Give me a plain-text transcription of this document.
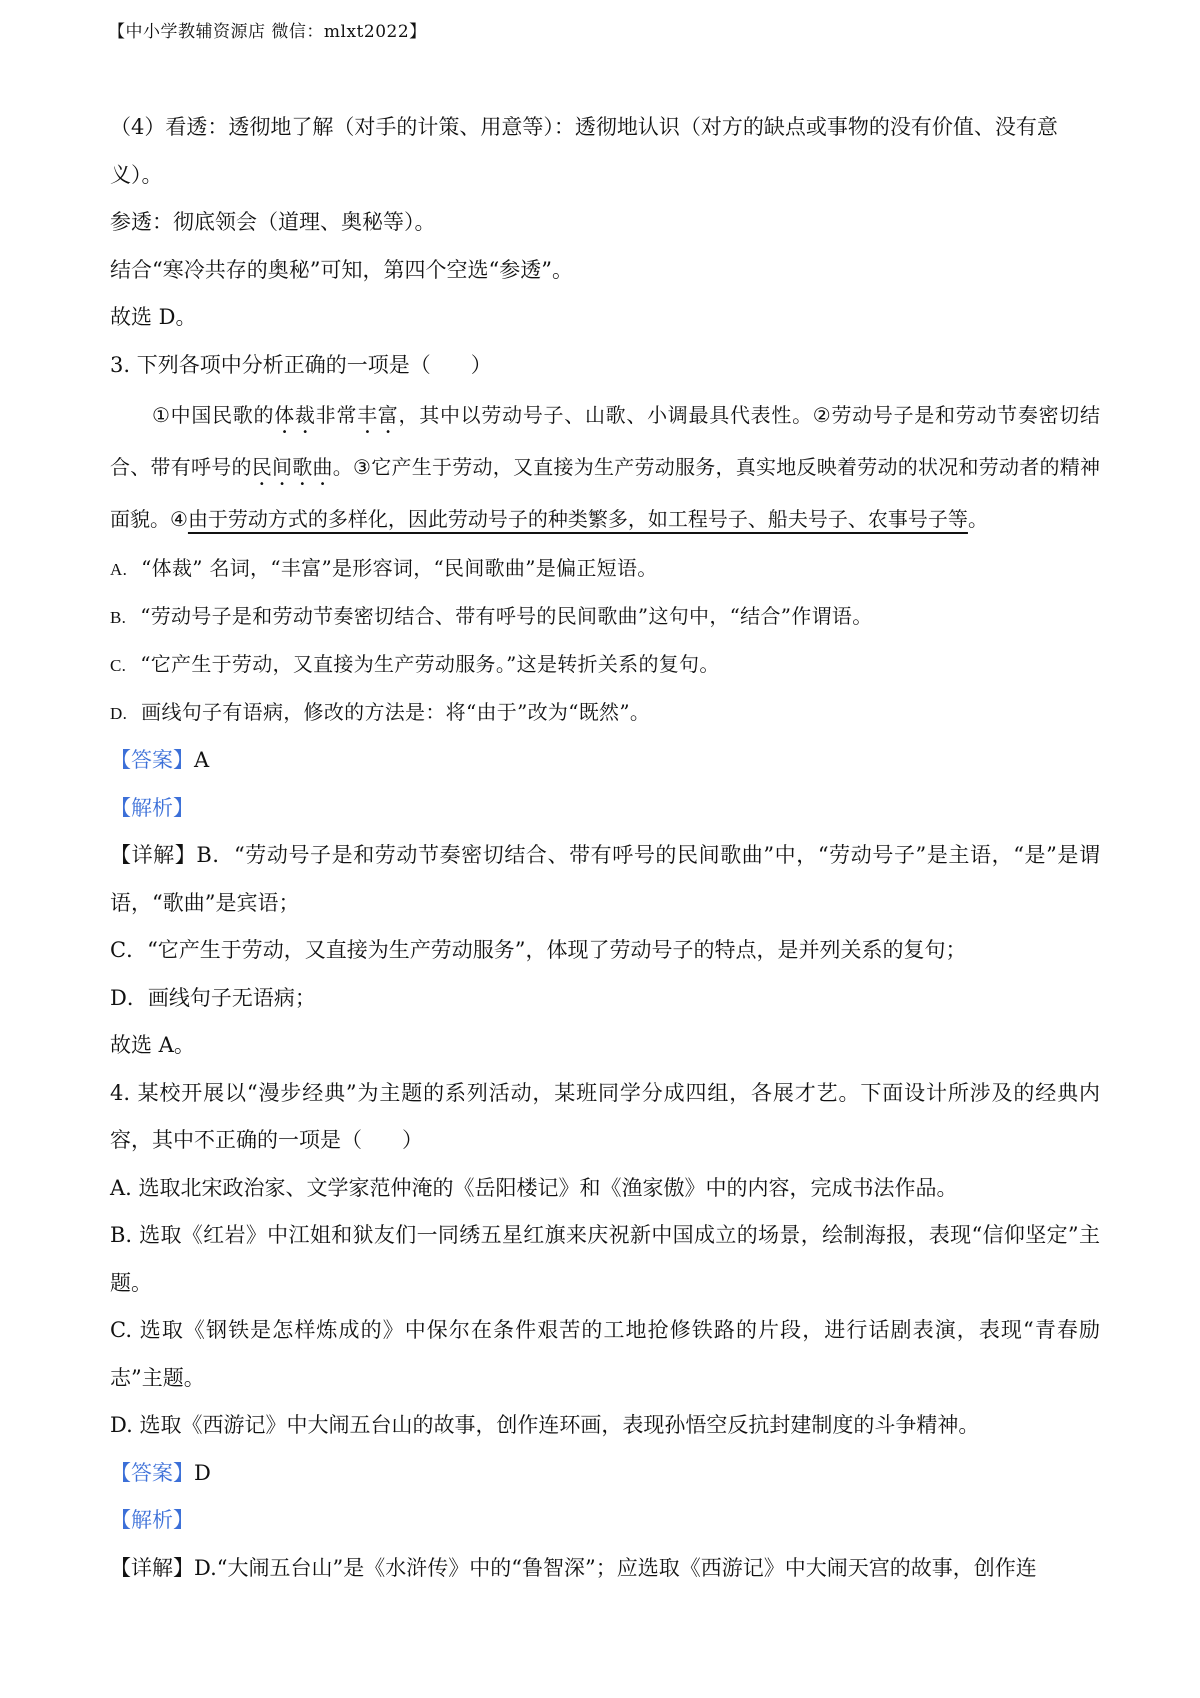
【中小学教辅资源店 微信：mlxt2022】

（4）看透：透彻地了解（对手的计策、用意等）：透彻地认识（对方的缺点或事物的没有价值、没有意义）。

参透：彻底领会（道理、奥秘等）。

结合“寒冷共存的奥秘”可知，第四个空选“参透”。

故选 D。

3. 下列各项中分析正确的一项是（      ）

①中国民歌的体裁非常丰富，其中以劳动号子、山歌、小调最具代表性。②劳动号子是和劳动节奏密切结合、带有呼号的民间歌曲。③它产生于劳动，又直接为生产劳动服务，真实地反映着劳动的状况和劳动者的精神面貌。④由于劳动方式的多样化，因此劳动号子的种类繁多，如工程号子、船夫号子、农事号子等。

A. “体裁” 名词，“丰富”是形容词，“民间歌曲”是偏正短语。

B. “劳动号子是和劳动节奏密切结合、带有呼号的民间歌曲”这句中，“结合”作谓语。

C. “它产生于劳动，又直接为生产劳动服务。”这是转折关系的复句。

D. 画线句子有语病，修改的方法是：将“由于”改为“既然”。

【答案】A

【解析】

【详解】B．“劳动号子是和劳动节奏密切结合、带有呼号的民间歌曲”中，“劳动号子”是主语，“是”是谓语，“歌曲”是宾语；

C．“它产生于劳动，又直接为生产劳动服务”，体现了劳动号子的特点，是并列关系的复句；

D．画线句子无语病；

故选 A。

4. 某校开展以“漫步经典”为主题的系列活动，某班同学分成四组，各展才艺。下面设计所涉及的经典内容，其中不正确的一项是（      ）

A. 选取北宋政治家、文学家范仲淹的《岳阳楼记》和《渔家傲》中的内容，完成书法作品。

B. 选取《红岩》中江姐和狱友们一同绣五星红旗来庆祝新中国成立的场景，绘制海报，表现“信仰坚定”主题。

C. 选取《钢铁是怎样炼成的》中保尔在条件艰苦的工地抢修铁路的片段，进行话剧表演，表现“青春励志”主题。

D. 选取《西游记》中大闹五台山的故事，创作连环画，表现孙悟空反抗封建制度的斗争精神。

【答案】D

【解析】

【详解】D.“大闹五台山”是《水浒传》中的“鲁智深”；应选取《西游记》中大闹天宫的故事，创作连
